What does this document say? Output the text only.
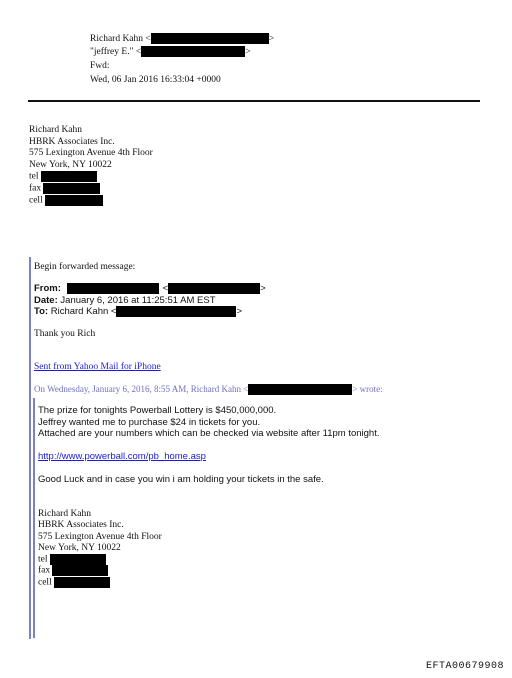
Richard Kahn <	>
"jeffrey E." <	>
Fwd:
Wed, 06 Jan 2016 16:33:04 +0000
Richard Kahn
HBRK Associates Inc.
575 Lexington Avenue 4th Floor
New York, NY 10022
tel
fax
cell
Begin forwarded message:
From:	<	>
Date: January 6, 2016 at 11:25:51 AM EST
To: Richard Kahn <	>
Thank you Rich
Sent from Yahoo Mail for iPhone
On Wednesday, January 6, 2016, 8:55 AM, Richard Kahn <	> wrote:
The prize for tonights Powerball Lottery is $450,000,000.
Jeffrey wanted me to purchase $24 in tickets for you.
Attached are your numbers which can be checked via website after 11pm tonight.
http://www.powerball.com/pb_home.asp
Good Luck and in case you win i am holding your tickets in the safe.
Richard Kahn
HBRK Associates Inc.
575 Lexington Avenue 4th Floor
New York, NY 10022
tel
fax
cell
EFTA00679908
